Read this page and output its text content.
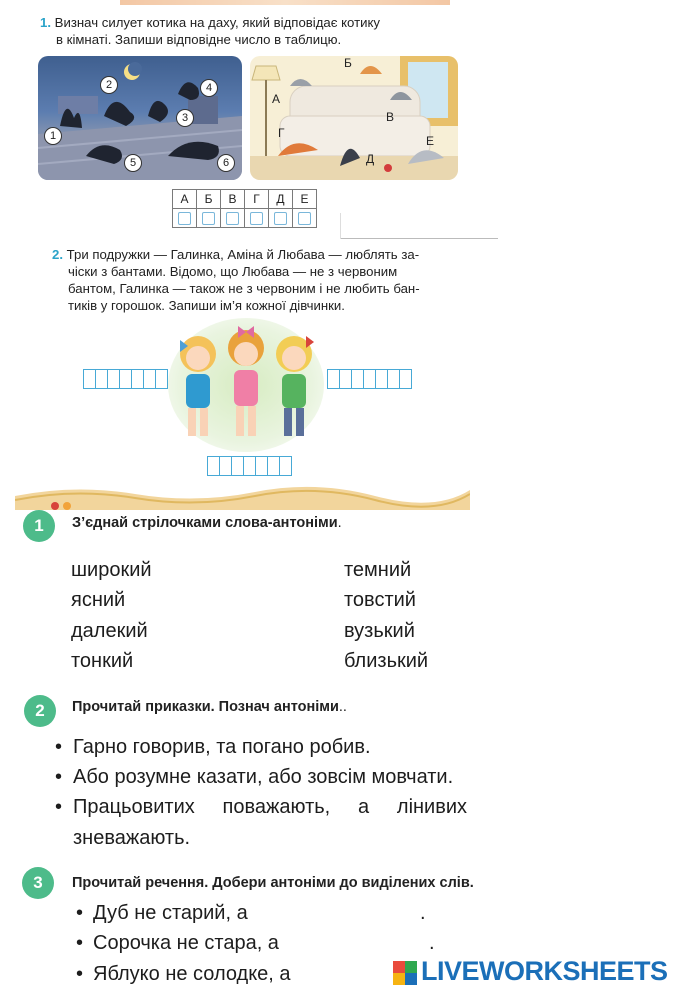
1. Визнач силует котика на даху, який відповідає котику
в кімнаті. Запиши відповідне число в таблицю.
1
2
3
4
5	6
А
Б
В
Г
Д
Е
А	Б	В	Г	Д	Е

2. Три подружки — Галинка, Аміна й Любава — люблять за-
чіски з бантами. Відомо, що Любава — не з червоним
бантом, Галинка — також не з червоним і не любить бан-
тиків у горошок. Запиши ім’я кожної дівчинки.
1	З’єднай стрілочками слова-антоніми.
широкий
ясний
далекий
тонкий
темний
товстий
вузький
близький
2	Прочитай приказки. Познач антоніми..
• Гарно говорив, та погано робив.
• Або розумне казати, або зовсім мовчати.
• Працьовитих     поважають,     а     лінивих
зневажають.
3	Прочитай речення. Добери антоніми до виділених слів.
• Дуб не старий, а	.
• Сорочка не стара, а	.
• Яблуко не солодке, а	LIVEWORKSHEETS
